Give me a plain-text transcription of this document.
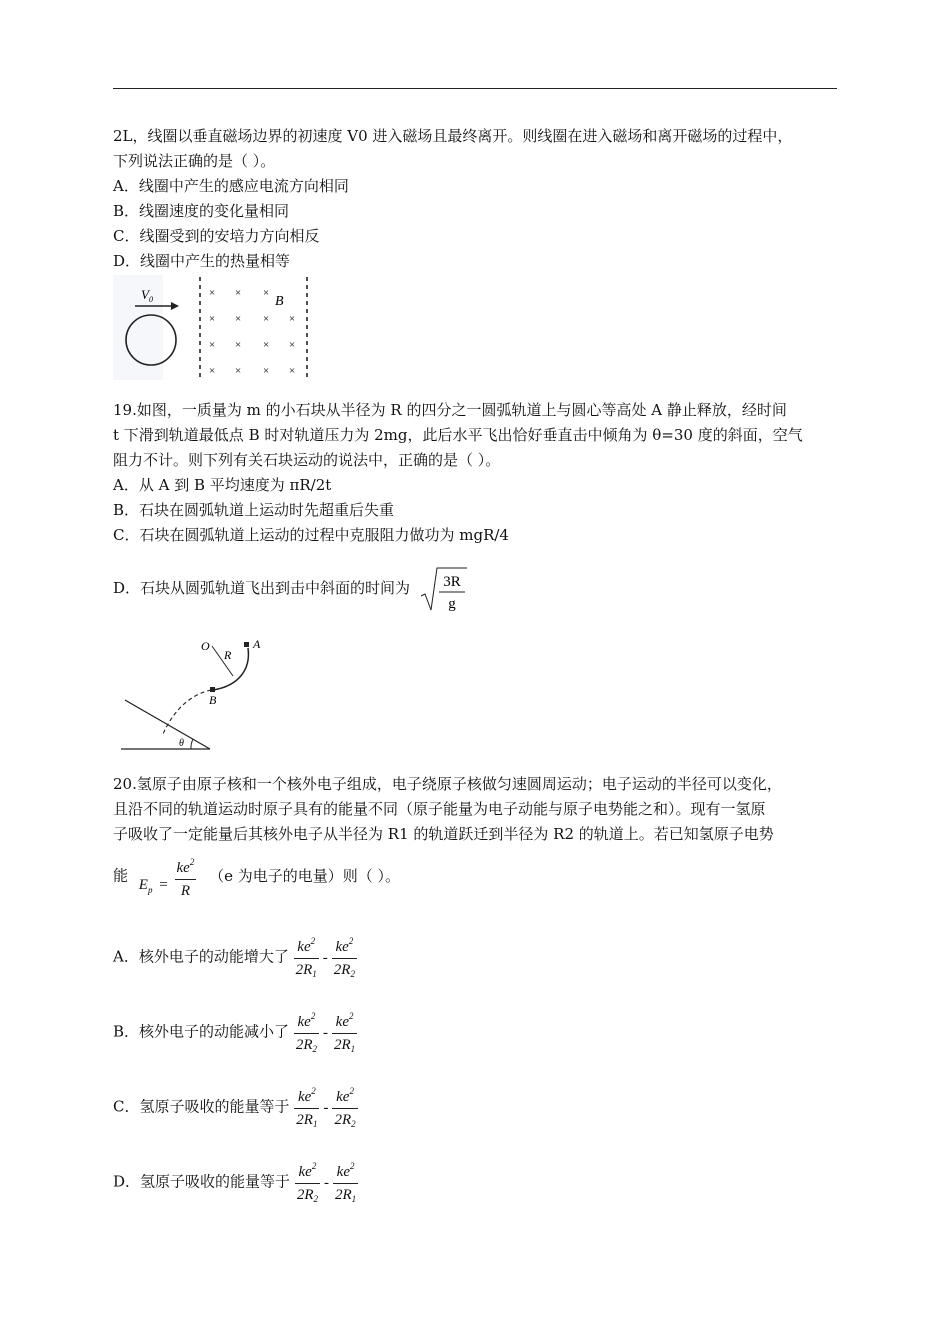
2L，线圈以垂直磁场边界的初速度 V0 进入磁场且最终离开。则线圈在进入磁场和离开磁场的过程中，
下列说法正确的是（ ）。
A．线圈中产生的感应电流方向相同
B．线圈速度的变化量相同
C．线圈受到的安培力方向相反
D．线圈中产生的热量相等
$V_0$
× × ×
× × × ×
× × × ×
× × × ×
B
19.如图，一质量为 m 的小石块从半径为 R 的四分之一圆弧轨道上与圆心等高处 A 静止释放，经时间
t 下滑到轨道最低点 B 时对轨道压力为 2mg，此后水平飞出恰好垂直击中倾角为 θ=30 度的斜面，空气
阻力不计。则下列有关石块运动的说法中，正确的是（ ）。
A．从 A 到 B 平均速度为 πR/2t
B．石块在圆弧轨道上运动时先超重后失重
C．石块在圆弧轨道上运动的过程中克服阻力做功为 mgR/4
D．石块从圆弧轨道飞出到击中斜面的时间为 3R
g
O
R
A
B
θ
20.氢原子由原子核和一个核外电子组成，电子绕原子核做匀速圆周运动；电子运动的半径可以变化，
且沿不同的轨道运动时原子具有的能量不同（原子能量为电子动能与原子电势能之和）。现有一氢原
子吸收了一定能量后其核外电子从半径为 R1 的轨道跃迁到半径为 R2 的轨道上。若已知氢原子电势
能 $E_p = \frac{ke^2}{R} (e$ 为电子的电量）则（ ）。
A．核外电子的动能增大了 $\frac{ke^2}{2R_1} - \frac{ke^2}{2R_2}$
B．核外电子的动能减小了 $\frac{ke^2}{2R_2} - \frac{ke^2}{2R_1}$
C．氢原子吸收的能量等于 $\frac{ke^2}{2R_1} - \frac{ke^2}{2R_2}$
D．氢原子吸收的能量等于 $\frac{ke^2}{2R_2} - \frac{ke^2}{2R_1}$
